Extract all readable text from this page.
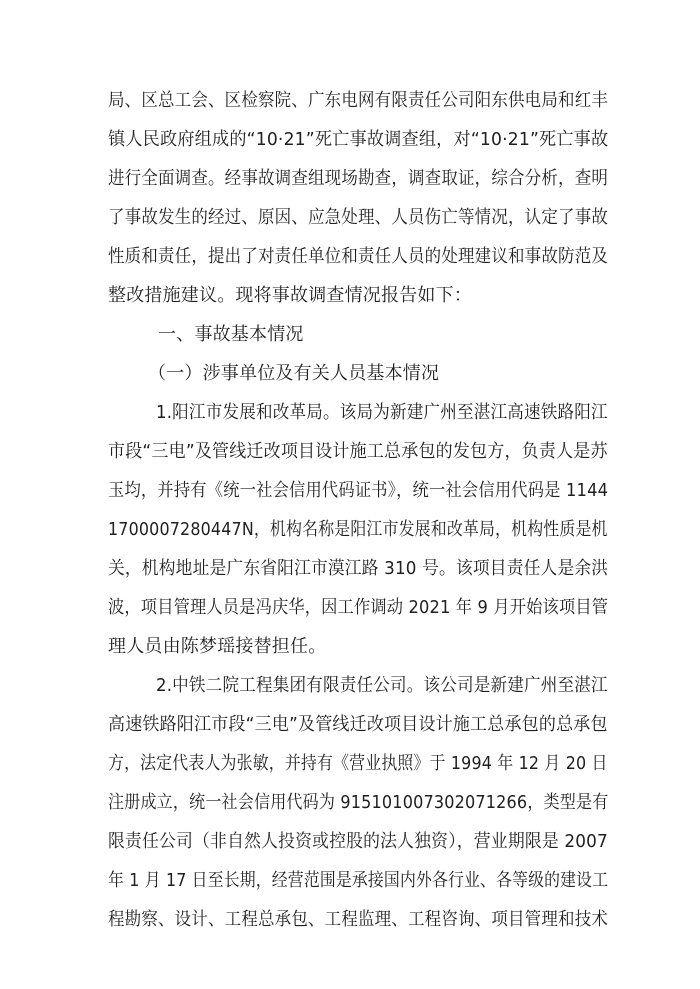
局、区总工会、区检察院、广东电网有限责任公司阳东供电局和红丰
镇人民政府组成的“10·21”死亡事故调查组，对“10·21”死亡事故
进行全面调查。经事故调查组现场勘查，调查取证，综合分析，查明
了事故发生的经过、原因、应急处理、人员伤亡等情况，认定了事故
性质和责任，提出了对责任单位和责任人员的处理建议和事故防范及
整改措施建议。现将事故调查情况报告如下：
一、事故基本情况
（一）涉事单位及有关人员基本情况
1.阳江市发展和改革局。该局为新建广州至湛江高速铁路阳江
市段“三电”及管线迁改项目设计施工总承包的发包方，负责人是苏
玉均，并持有《统一社会信用代码证书》，统一社会信用代码是 1144
1700007280447N，机构名称是阳江市发展和改革局，机构性质是机
关，机构地址是广东省阳江市漠江路 310 号。该项目责任人是余洪
波，项目管理人员是冯庆华，因工作调动 2021 年 9 月开始该项目管
理人员由陈梦瑶接替担任。
2.中铁二院工程集团有限责任公司。该公司是新建广州至湛江
高速铁路阳江市段“三电”及管线迁改项目设计施工总承包的总承包
方，法定代表人为张敏，并持有《营业执照》于 1994 年 12 月 20 日
注册成立，统一社会信用代码为 915101007302071266，类型是有
限责任公司（非自然人投资或控股的法人独资），营业期限是 2007
年 1 月 17 日至长期，经营范围是承接国内外各行业、各等级的建设工
程勘察、设计、工程总承包、工程监理、工程咨询、项目管理和技术
